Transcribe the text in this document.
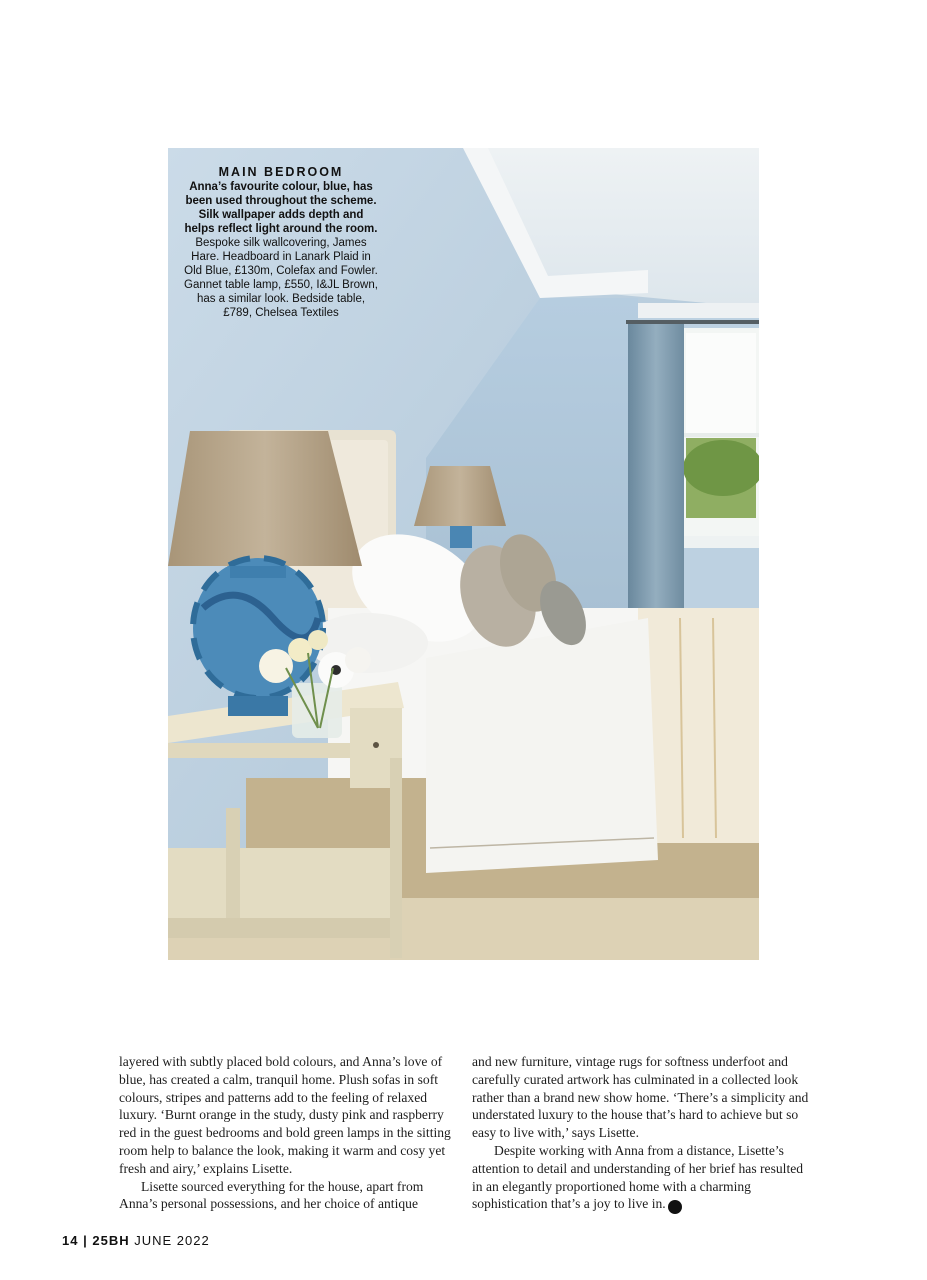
MAIN BEDROOM
Anna’s favourite colour, blue, has
been used throughout the scheme.
Silk wallpaper adds depth and
helps reflect light around the room.
Bespoke silk wallcovering, James
Hare. Headboard in Lanark Plaid in
Old Blue, £130m, Colefax and Fowler.
Gannet table lamp, £550, I&JL Brown,
has a similar look. Bedside table,
£789, Chelsea Textiles

layered with subtly placed bold colours, and Anna’s love of blue, has created a calm, tranquil home. Plush sofas in soft colours, stripes and patterns add to the feeling of relaxed luxury. ‘Burnt orange in the study, dusty pink and raspberry red in the guest bedrooms and bold green lamps in the sitting room help to balance the look, making it warm and cosy yet fresh and airy,’ explains Lisette.

Lisette sourced everything for the house, apart from Anna’s personal possessions, and her choice of antique

and new furniture, vintage rugs for softness underfoot and carefully curated artwork has culminated in a collected look rather than a brand new show home. ‘There’s a simplicity and understated luxury to the house that’s hard to achieve but so easy to live with,’ says Lisette.

Despite working with Anna from a distance, Lisette’s attention to detail and understanding of her brief has resulted in an elegantly proportioned home with a charming sophistication that’s a joy to live in.	25

14 | 25BH JUNE 2022
